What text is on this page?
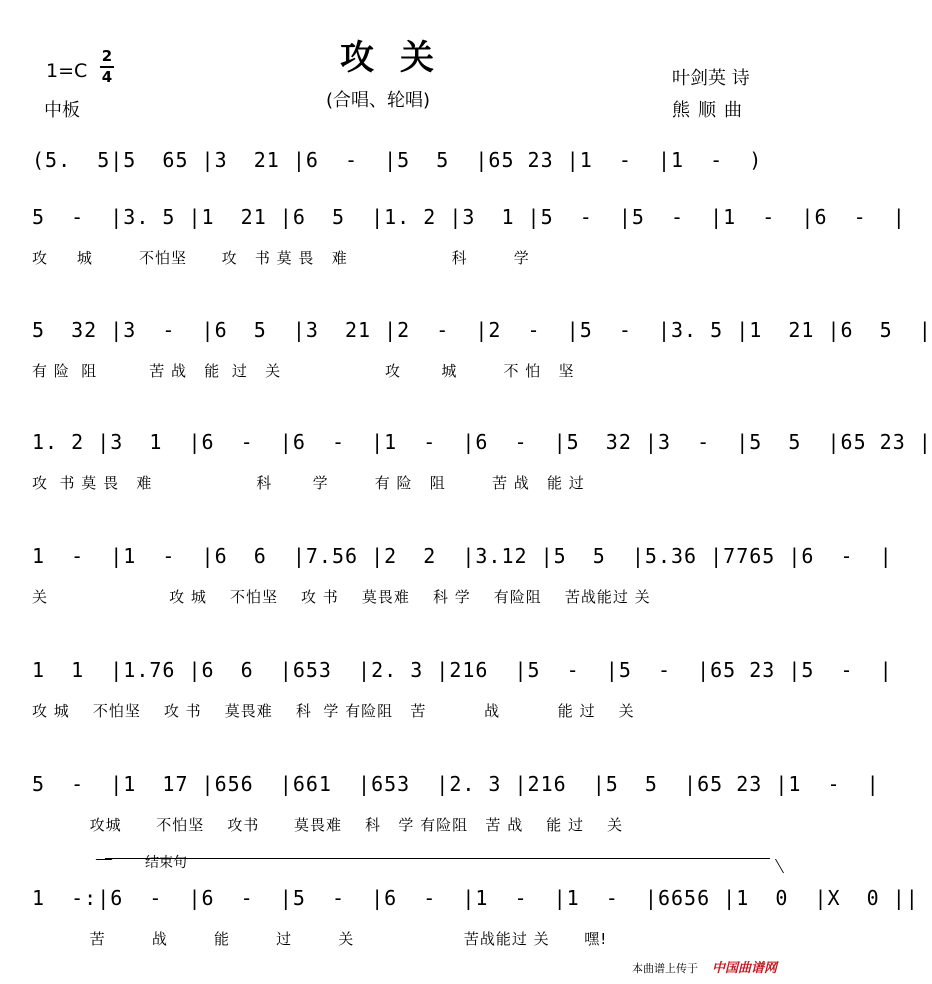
攻关
(合唱、轮唱)
1=C
2
4
中板
叶剑英 诗
熊顺曲
(5.  5|5  65 |3  21 |6  -  |5  5  |65 23 |1  -  |1  -  )
5  -  |3. 5 |1  21 |6  5  |1. 2 |3  1 |5  -  |5  -  |1  -  |6  -  |
攻     城        不怕坚      攻   书 莫 畏   难                  科        学
5  32 |3  -  |6  5  |3  21 |2  -  |2  -  |5  -  |3. 5 |1  21 |6  5  |
有 险  阻         苦 战   能  过   关                  攻       城        不 怕   坚
1. 2 |3  1  |6  -  |6  -  |1  -  |6  -  |5  32 |3  -  |5  5  |65 23 |
攻  书 莫 畏   难                  科       学        有 险   阻        苦 战   能 过
1  -  |1  -  |6  6  |7.56 |2  2  |3.12 |5  5  |5.36 |7765 |6  -  |
关                     攻 城    不怕坚    攻 书    莫畏难    科 学    有险阻    苦战能过 关
1  1  |1.76 |6  6  |653  |2. 3 |216  |5  -  |5  -  |65 23 |5  -  |
攻 城    不怕坚    攻 书    莫畏难    科  学 有险阻   苦          战          能 过    关
5  -  |1  17 |656  |661  |653  |2. 3 |216  |5  5  |65 23 |1  -  |
攻城      不怕坚    攻书      莫畏难    科   学 有险阻   苦 战    能 过    关
结束句
1  -:|6  -  |6  -  |5  -  |6  -  |1  -  |1  -  |6656 |1  0  |X  0 ||
苦        战        能        过        关                   苦战能过 关      嘿!
本曲谱上传于 中国曲谱网
